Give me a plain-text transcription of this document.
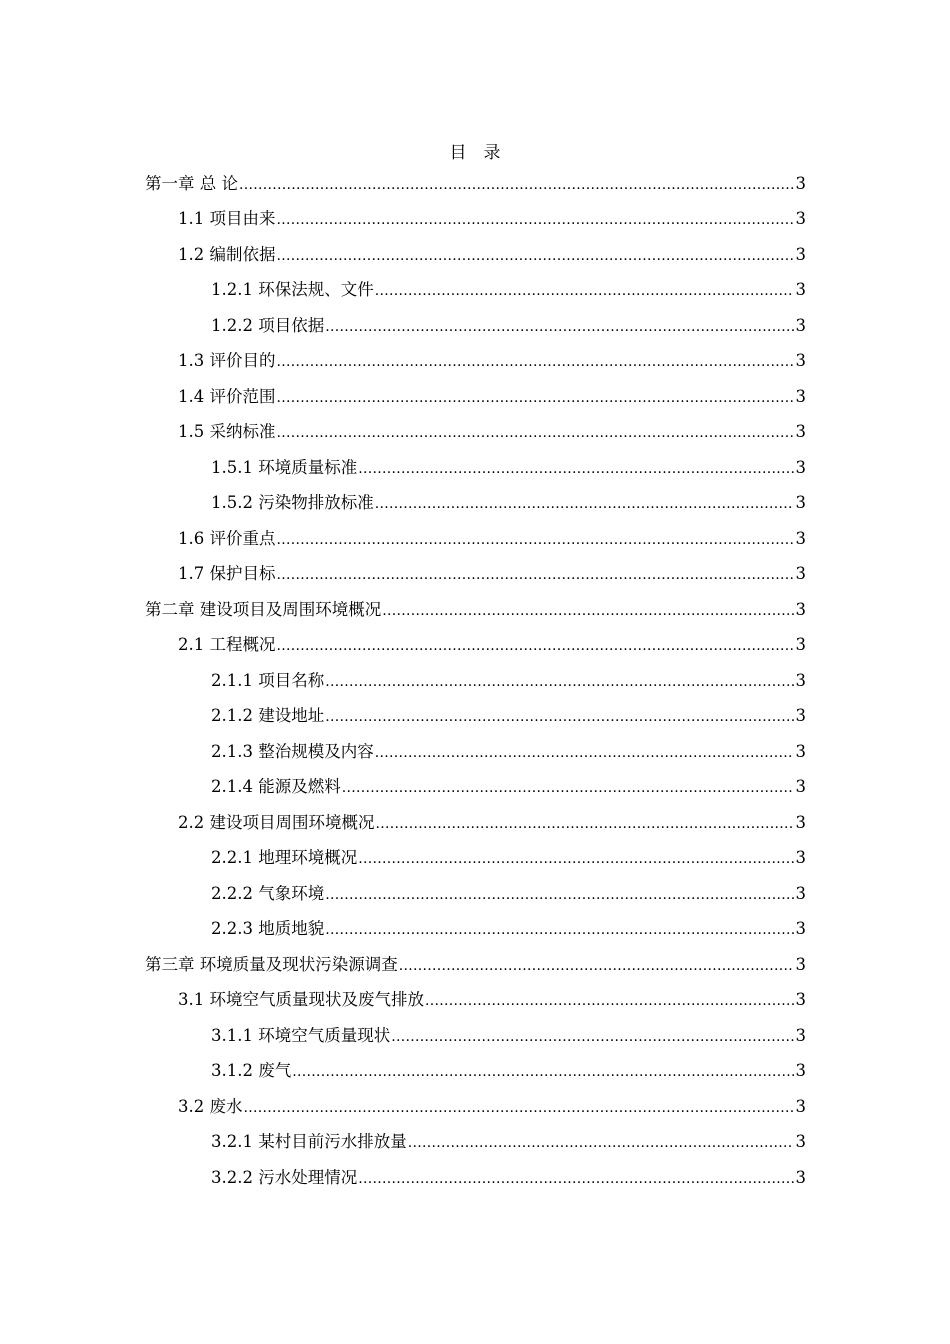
目 录
第一章 总 论 .....	3
1.1 项目由来 .....	3
1.2 编制依据 .....	3
1.2.1 环保法规、文件 .....	3
1.2.2 项目依据 .....	3
1.3 评价目的 .....	3
1.4 评价范围 .....	3
1.5 采纳标准 .....	3
1.5.1 环境质量标准 .....	3
1.5.2 污染物排放标准 .....	3
1.6 评价重点 .....	3
1.7 保护目标 .....	3
第二章 建设项目及周围环境概况 .....	3
2.1 工程概况 .....	3
2.1.1 项目名称 .....	3
2.1.2 建设地址 .....	3
2.1.3 整治规模及内容 .....	3
2.1.4 能源及燃料 .....	3
2.2 建设项目周围环境概况 .....	3
2.2.1 地理环境概况 .....	3
2.2.2 气象环境 .....	3
2.2.3 地质地貌 .....	3
第三章 环境质量及现状污染源调查 .....	3
3.1 环境空气质量现状及废气排放 .....	3
3.1.1 环境空气质量现状 .....	3
3.1.2 废气 .....	3
3.2 废水 .....	3
3.2.1 某村目前污水排放量 .....	3
3.2.2 污水处理情况 .....	3
